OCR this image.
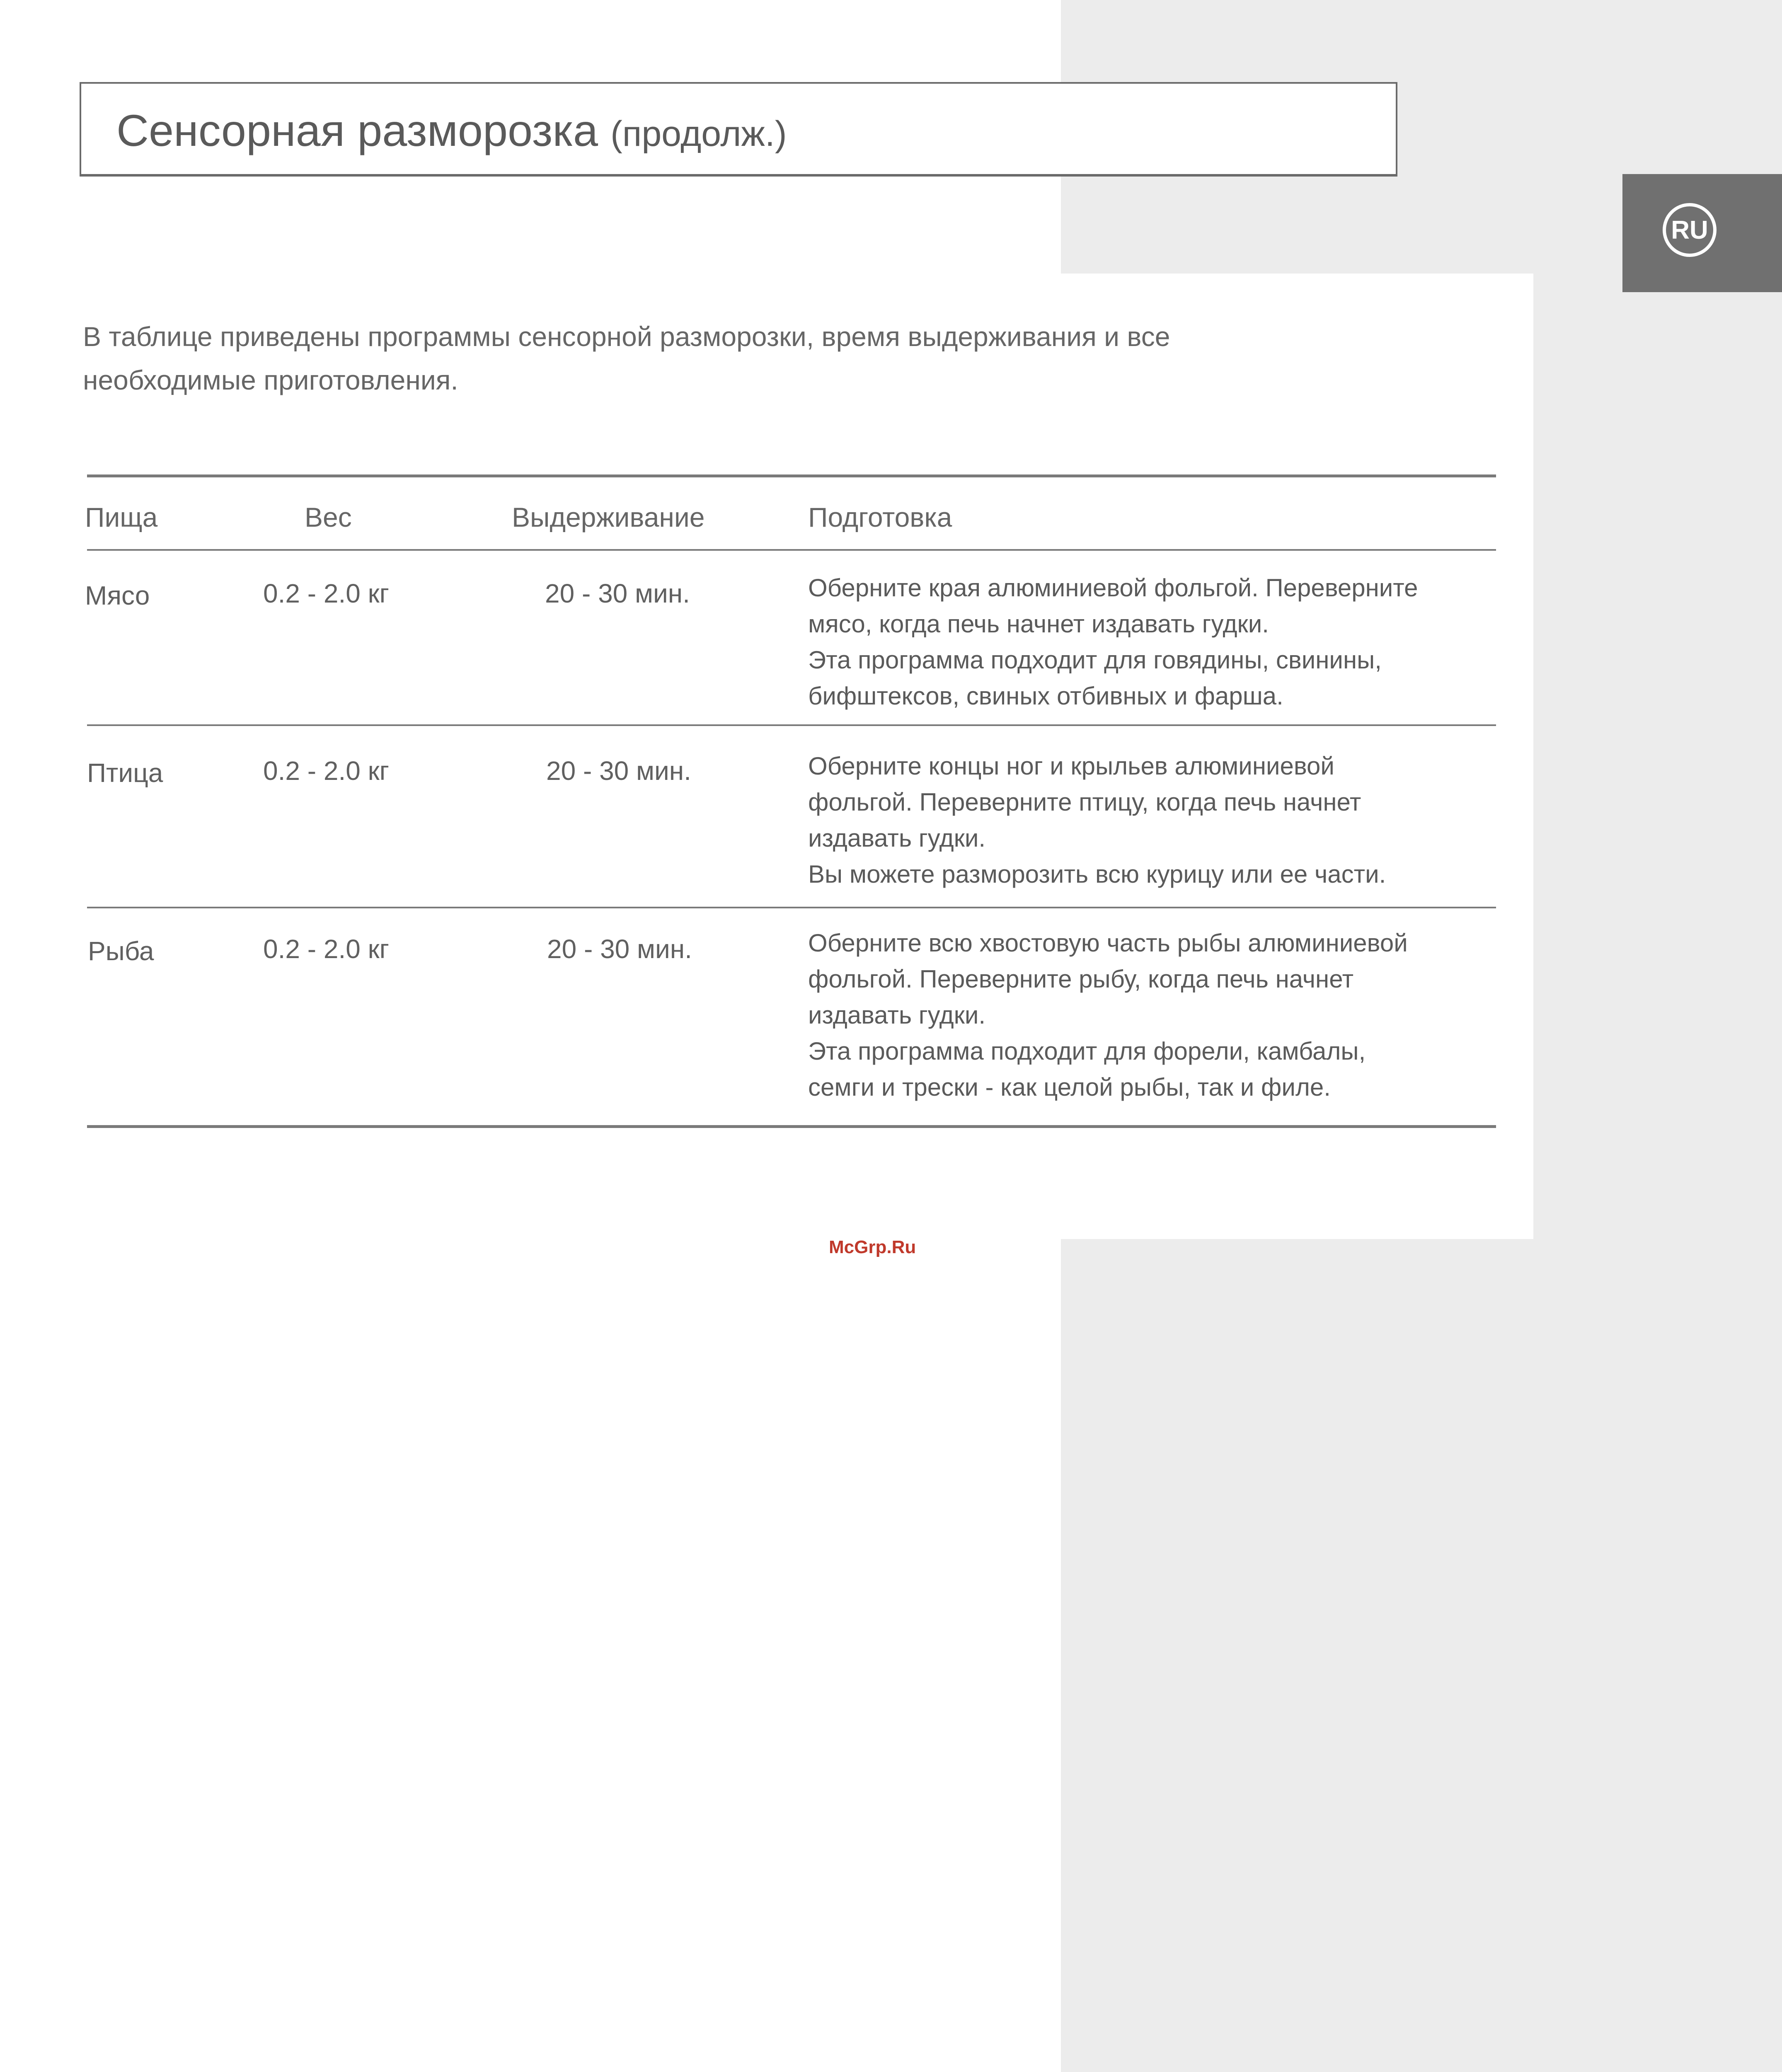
RU
Сенсорная разморозка (продолж.)
В таблице приведены программы сенсорной разморозки, время выдерживания и все
необходимые приготовления.
Пища	Вес	Выдерживание	Подготовка
Мясо	0.2 - 2.0 кг	20 - 30 мин.	Оберните края алюминиевой фольгой. Переверните
мясо, когда печь начнет издавать гудки.
Эта программа подходит для говядины, свинины,
бифштексов, свиных отбивных и фарша.
Птица	0.2 - 2.0 кг	20 - 30 мин.	Оберните концы ног и крыльев алюминиевой
фольгой. Переверните птицу, когда печь начнет
издавать гудки.
Вы можете разморозить всю курицу или ее части.
Рыба	0.2 - 2.0 кг	20 - 30 мин.	Оберните всю хвостовую часть рыбы алюминиевой
фольгой. Переверните рыбу, когда печь начнет
издавать гудки.
Эта программа подходит для форели, камбалы,
семги и трески - как целой рыбы, так и филе.
McGrp.Ru
